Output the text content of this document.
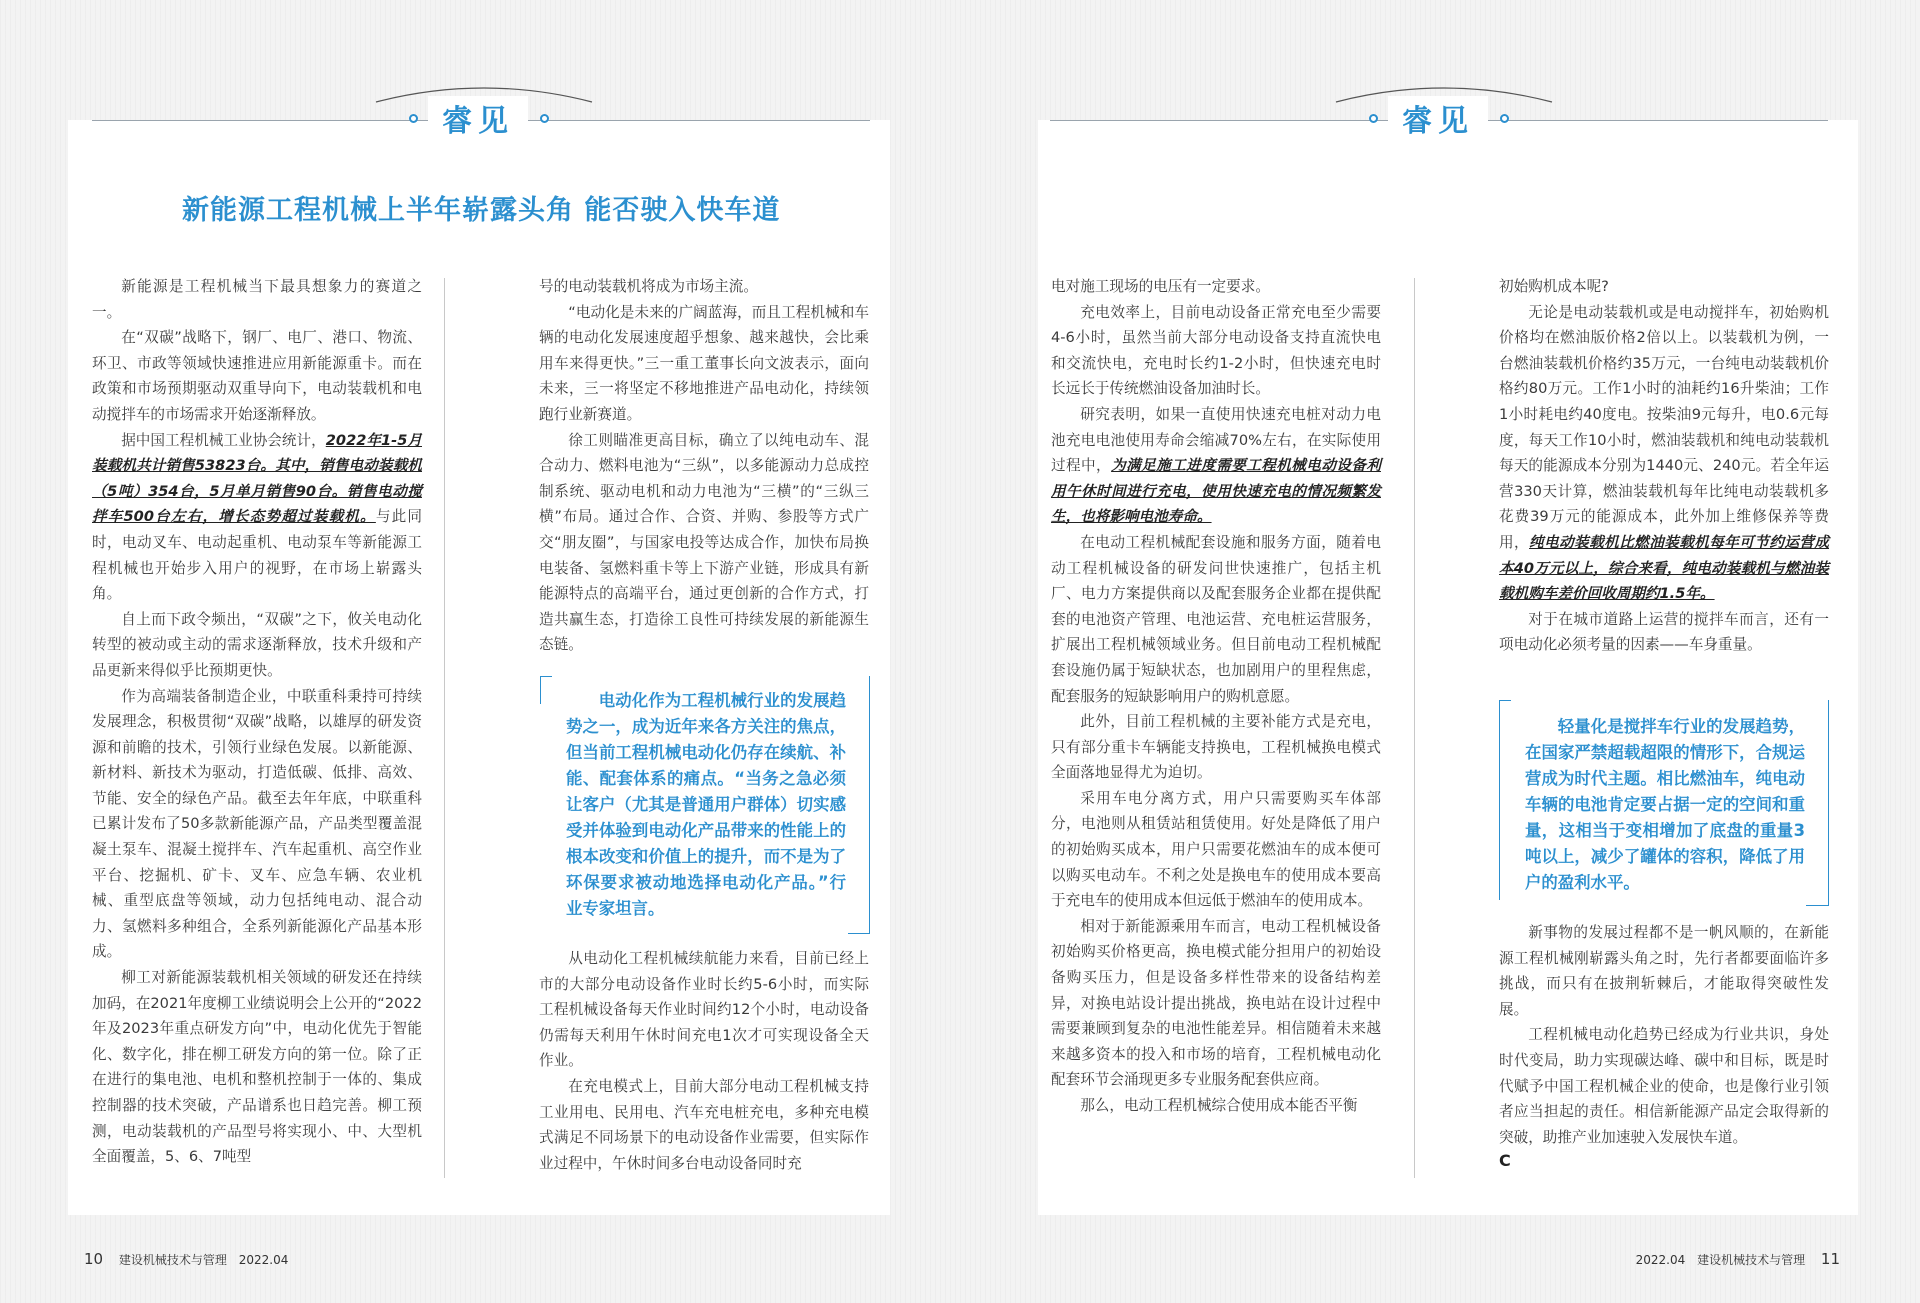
睿见	睿见
新能源工程机械上半年崭露头角 能否驶入快车道

新能源是工程机械当下最具想象力的赛道之一。

在“双碳”战略下，钢厂、电厂、港口、物流、环卫、市政等领域快速推进应用新能源重卡。而在政策和市场预期驱动双重导向下，电动装载机和电动搅拌车的市场需求开始逐渐释放。

据中国工程机械工业协会统计，2022年1-5月装载机共计销售53823台。其中，销售电动装载机（5吨）354台，5月单月销售90台。销售电动搅拌车500台左右，增长态势超过装载机。与此同时，电动叉车、电动起重机、电动泵车等新能源工程机械也开始步入用户的视野，在市场上崭露头角。

自上而下政令频出，“双碳”之下，攸关电动化转型的被动或主动的需求逐渐释放，技术升级和产品更新来得似乎比预期更快。

作为高端装备制造企业，中联重科秉持可持续发展理念，积极贯彻“双碳”战略，以雄厚的研发资源和前瞻的技术，引领行业绿色发展。以新能源、新材料、新技术为驱动，打造低碳、低排、高效、节能、安全的绿色产品。截至去年年底，中联重科已累计发布了50多款新能源产品，产品类型覆盖混凝土泵车、混凝土搅拌车、汽车起重机、高空作业平台、挖掘机、矿卡、叉车、应急车辆、农业机械、重型底盘等领域，动力包括纯电动、混合动力、氢燃料多种组合，全系列新能源化产品基本形成。

柳工对新能源装载机相关领域的研发还在持续加码，在2021年度柳工业绩说明会上公开的“2022年及2023年重点研发方向”中，电动化优先于智能化、数字化，排在柳工研发方向的第一位。除了正在进行的集电池、电机和整机控制于一体的、集成控制器的技术突破，产品谱系也日趋完善。柳工预测，电动装载机的产品型号将实现小、中、大型机全面覆盖，5、6、7吨型

号的电动装载机将成为市场主流。

“电动化是未来的广阔蓝海，而且工程机械和车辆的电动化发展速度超乎想象、越来越快，会比乘用车来得更快。”三一重工董事长向文波表示，面向未来，三一将坚定不移地推进产品电动化，持续领跑行业新赛道。

徐工则瞄准更高目标，确立了以纯电动车、混合动力、燃料电池为“三纵”，以多能源动力总成控制系统、驱动电机和动力电池为“三横”的“三纵三横”布局。通过合作、合资、并购、参股等方式广交“朋友圈”，与国家电投等达成合作，加快布局换电装备、氢燃料重卡等上下游产业链，形成具有新能源特点的高端平台，通过更创新的合作方式，打造共赢生态，打造徐工良性可持续发展的新能源生态链。

电动化作为工程机械行业的发展趋势之一，成为近年来各方关注的焦点，但当前工程机械电动化仍存在续航、补能、配套体系的痛点。“当务之急必须让客户（尤其是普通用户群体）切实感受并体验到电动化产品带来的性能上的根本改变和价值上的提升，而不是为了环保要求被动地选择电动化产品。”行业专家坦言。

从电动化工程机械续航能力来看，目前已经上市的大部分电动设备作业时长约5-6小时，而实际工程机械设备每天作业时间约12个小时，电动设备仍需每天利用午休时间充电1次才可实现设备全天作业。

在充电模式上，目前大部分电动工程机械支持工业用电、民用电、汽车充电桩充电，多种充电模式满足不同场景下的电动设备作业需要，但实际作业过程中，午休时间多台电动设备同时充

电对施工现场的电压有一定要求。

充电效率上，目前电动设备正常充电至少需要4-6小时，虽然当前大部分电动设备支持直流快电和交流快电，充电时长约1-2小时，但快速充电时长远长于传统燃油设备加油时长。

研究表明，如果一直使用快速充电桩对动力电池充电电池使用寿命会缩减70%左右，在实际使用过程中，为满足施工进度需要工程机械电动设备利用午休时间进行充电，使用快速充电的情况频繁发生，也将影响电池寿命。

在电动工程机械配套设施和服务方面，随着电动工程机械设备的研发问世快速推广，包括主机厂、电力方案提供商以及配套服务企业都在提供配套的电池资产管理、电池运营、充电桩运营服务，扩展出工程机械领域业务。但目前电动工程机械配套设施仍属于短缺状态，也加剧用户的里程焦虑，配套服务的短缺影响用户的购机意愿。

此外，目前工程机械的主要补能方式是充电，只有部分重卡车辆能支持换电，工程机械换电模式全面落地显得尤为迫切。

采用车电分离方式，用户只需要购买车体部分，电池则从租赁站租赁使用。好处是降低了用户的初始购买成本，用户只需要花燃油车的成本便可以购买电动车。不利之处是换电车的使用成本要高于充电车的使用成本但远低于燃油车的使用成本。

相对于新能源乘用车而言，电动工程机械设备初始购买价格更高，换电模式能分担用户的初始设备购买压力，但是设备多样性带来的设备结构差异，对换电站设计提出挑战，换电站在设计过程中需要兼顾到复杂的电池性能差异。相信随着未来越来越多资本的投入和市场的培育，工程机械电动化配套环节会涌现更多专业服务配套供应商。

那么，电动工程机械综合使用成本能否平衡

初始购机成本呢?

无论是电动装载机或是电动搅拌车，初始购机价格均在燃油版价格2倍以上。以装载机为例，一台燃油装载机价格约35万元，一台纯电动装载机价格约80万元。工作1小时的油耗约16升柴油；工作1小时耗电约40度电。按柴油9元每升，电0.6元每度，每天工作10小时，燃油装载机和纯电动装载机每天的能源成本分别为1440元、240元。若全年运营330天计算，燃油装载机每年比纯电动装载机多花费39万元的能源成本，此外加上维修保养等费用，纯电动装载机比燃油装载机每年可节约运营成本40万元以上，综合来看，纯电动装载机与燃油装载机购车差价回收周期约1.5年。

对于在城市道路上运营的搅拌车而言，还有一项电动化必须考量的因素——车身重量。

轻量化是搅拌车行业的发展趋势，在国家严禁超载超限的情形下，合规运营成为时代主题。相比燃油车，纯电动车辆的电池肯定要占据一定的空间和重量，这相当于变相增加了底盘的重量3吨以上，减少了罐体的容积，降低了用户的盈利水平。

新事物的发展过程都不是一帆风顺的，在新能源工程机械刚崭露头角之时，先行者都要面临许多挑战，而只有在披荆斩棘后，才能取得突破性发展。

工程机械电动化趋势已经成为行业共识，身处时代变局，助力实现碳达峰、碳中和目标，既是时代赋予中国工程机械企业的使命，也是像行业引领者应当担起的责任。相信新能源产品定会取得新的突破，助推产业加速驶入发展快车道。

C
10 建设机械技术与管理 2022.04	2022.04 建设机械技术与管理 11
